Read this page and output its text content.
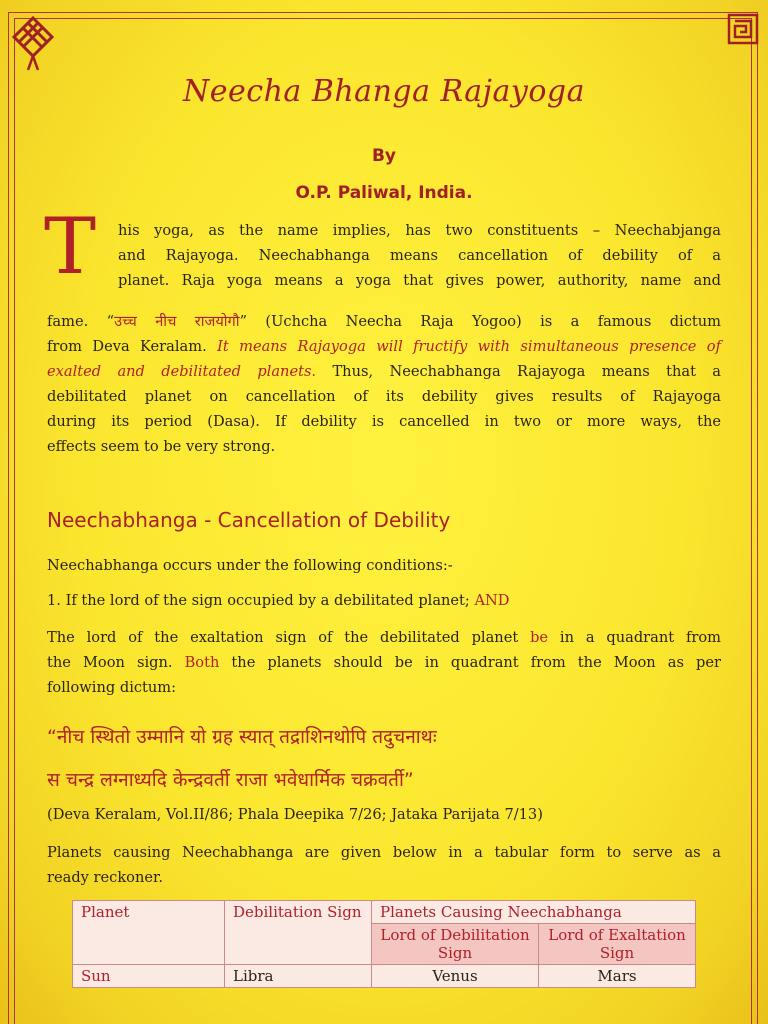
Neecha Bhanga Rajayoga
By
O.P. Paliwal, India.
T his yoga, as the name implies, has two constituents – Neechabjanga

and Rajayoga. Neechabhanga means cancellation of debility of a

planet. Raja yoga means a yoga that gives power, authority, name and

fame. “उच्च नीच राजयोगौ” (Uchcha Neecha Raja Yogoo) is a famous dictum

from Deva Keralam. It means Rajayoga will fructify with simultaneous presence of

exalted and debilitated planets. Thus, Neechabhanga Rajayoga means that a

debilitated planet on cancellation of its debility gives results of Rajayoga

during its period (Dasa). If debility is cancelled in two or more ways, the

effects seem to be very strong.

Neechabhanga - Cancellation of Debility

Neechabhanga occurs under the following conditions:-

1. If the lord of the sign occupied by a debilitated planet; AND

The lord of the exaltation sign of the debilitated planet be in a quadrant from

the Moon sign. Both the planets should be in quadrant from the Moon as per

following dictum:

“नीच स्थितो उम्मानि यो ग्रह स्यात् तद्राशिनथोपि तदुचनाथः
स चन्द्र लग्नाध्यदि केन्द्रवर्ती राजा भवेधार्मिक चक्रवर्ती”

(Deva Keralam, Vol.II/86; Phala Deepika 7/26; Jataka Parijata 7/13)

Planets causing Neechabhanga are given below in a tabular form to serve as a

ready reckoner.

Planet	Debilitation Sign	Planets Causing Neechabhanga	
		Lord of Debilitation Sign	Lord of Exaltation Sign
Sun	Libra	Venus	Mars
